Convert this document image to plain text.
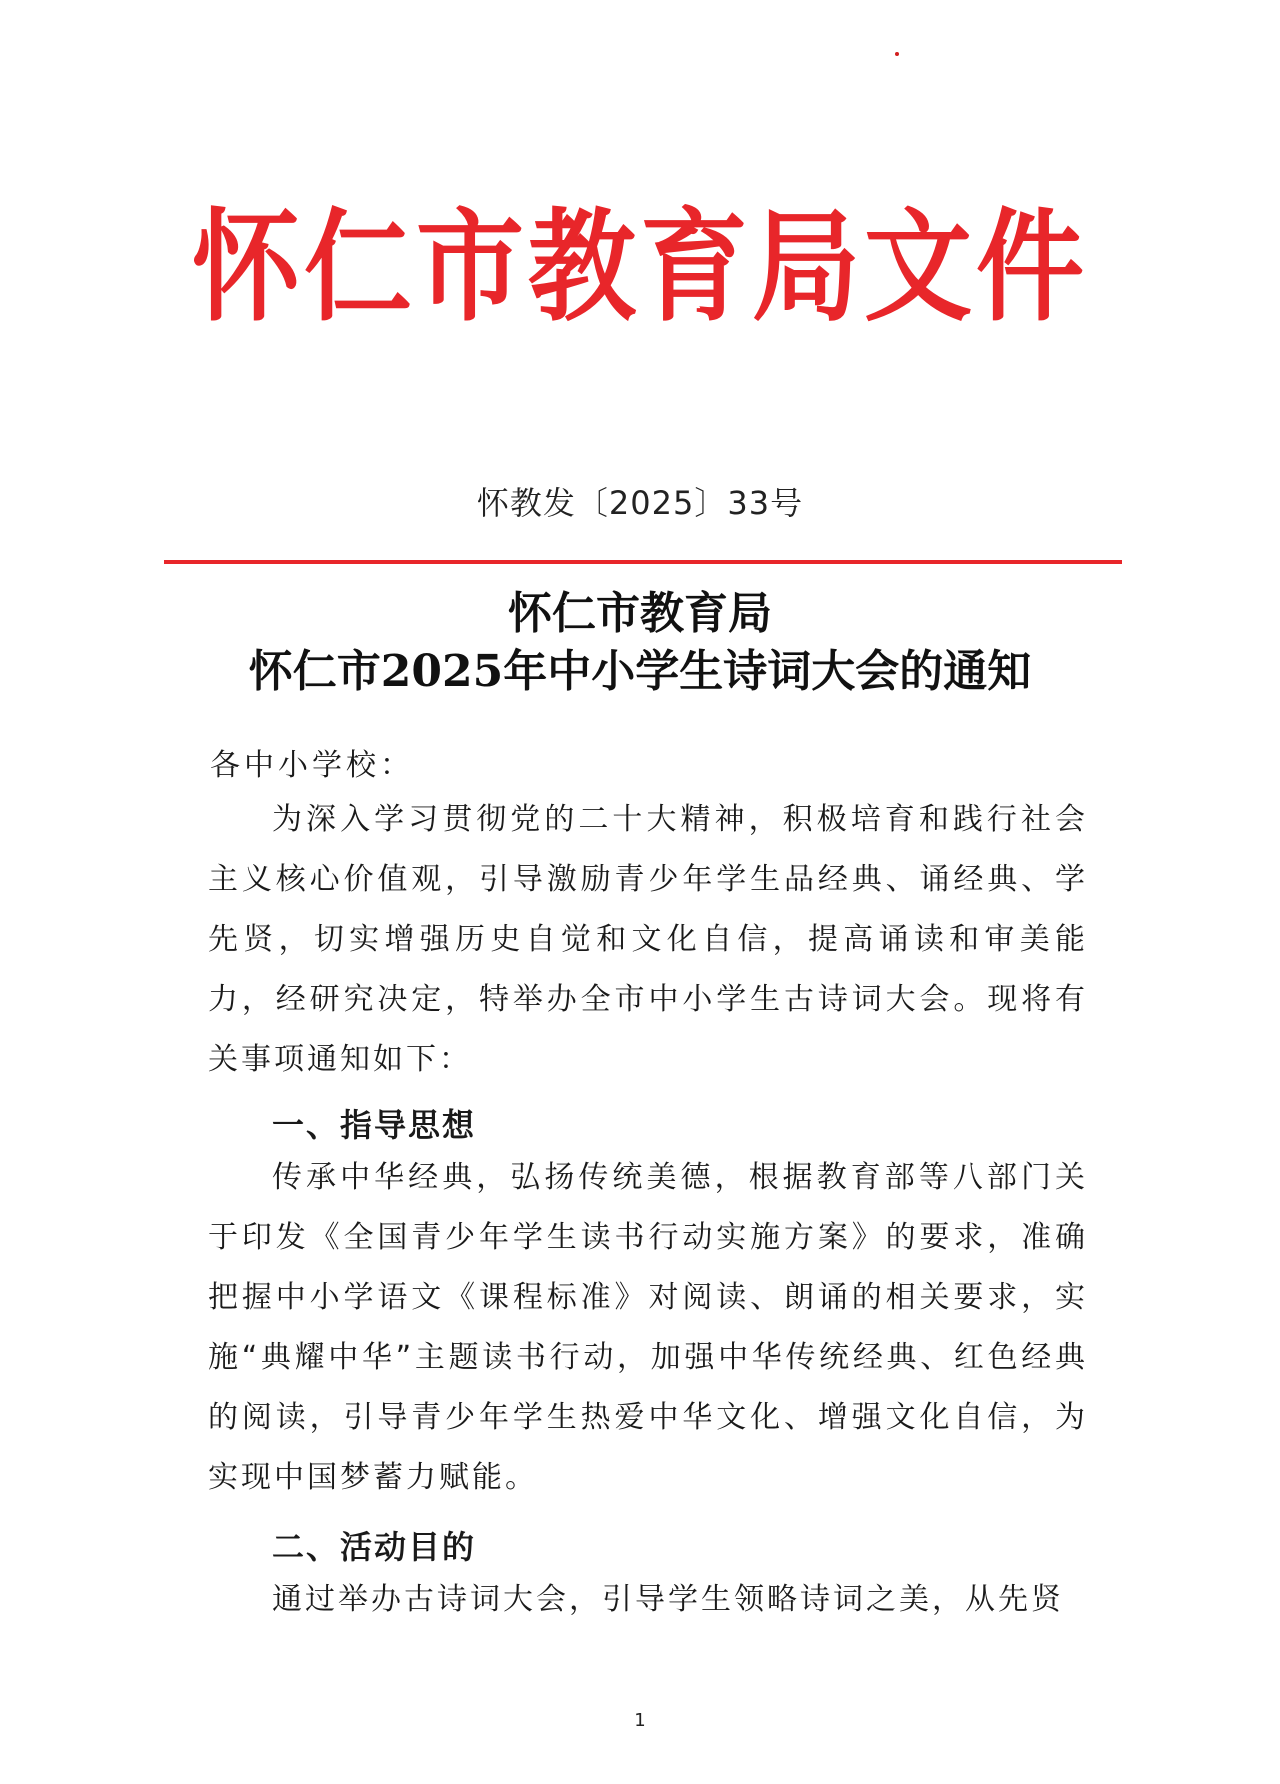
怀仁市教育局文件
怀教发〔2025〕33号
怀仁市教育局
怀仁市2025年中小学生诗词大会的通知
各中小学校：

为深入学习贯彻党的二十大精神，积极培育和践行社会主义核心价值观，引导激励青少年学生品经典、诵经典、学先贤，切实增强历史自觉和文化自信，提高诵读和审美能力，经研究决定，特举办全市中小学生古诗词大会。现将有关事项通知如下：

一、指导思想

传承中华经典，弘扬传统美德，根据教育部等八部门关于印发《全国青少年学生读书行动实施方案》的要求，准确把握中小学语文《课程标准》对阅读、朗诵的相关要求，实施“典耀中华”主题读书行动，加强中华传统经典、红色经典的阅读，引导青少年学生热爱中华文化、增强文化自信，为实现中国梦蓄力赋能。

二、活动目的

通过举办古诗词大会，引导学生领略诗词之美，从先贤

1
